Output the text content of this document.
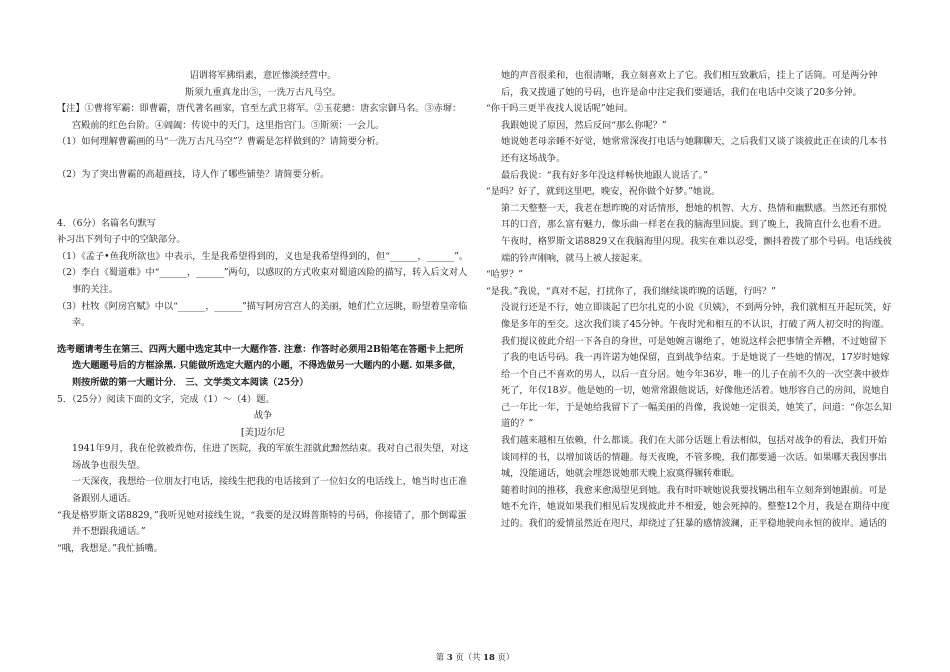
诏谓将军拂绢素，意匠惨淡经营中。

斯须九重真龙出⑤，一洗万古凡马空。

【注】①曹将军霸：即曹霸，唐代著名画家，官至左武卫将军。②玉花骢：唐玄宗御马名。③赤墀：宫殿前的红色台阶。④阊阖：传说中的天门，这里指宫门。⑤斯须：一会儿。

（1）如何理解曹霸画的马“一洗万古凡马空”？曹霸是怎样做到的？请简要分析。

（2）为了突出曹霸的高超画技，诗人作了哪些铺垫？请简要分析。

4．（6分）名篇名句默写

补习出下列句子中的空缺部分。

（1）《孟子•鱼我所欲也》中表示，生是我希望得到的，义也是我希望得到的，但“______，______”。

（2）李白《蜀道难》中“______，______”两句，以感叹的方式收束对蜀道凶险的描写，转入后文对人事的关注。

（3）杜牧《阿房宫赋》中以“______，______”描写阿房宫宫人的美丽，她们伫立远眺，盼望着皇帝临幸。

选考题请考生在第三、四两大题中选定其中一大题作答. 注意：作答时必须用2B铅笔在答题卡上把所选大题题号后的方框涂黑. 只能做所选定大题内的小题，不得选做另一大题内的小题. 如果多做，则按所做的第一大题计分． 三、文学类文本阅读（25分）

5．（25分）阅读下面的文字，完成（1）～（4）题。

战争

[美]迈尔尼

1941年9月，我在伦敦被炸伤，住进了医院，我的军旅生涯就此黯然结束。我对自己很失望，对这场战争也很失望。

一天深夜，我想给一位朋友打电话，接线生把我的电话接到了一位妇女的电话线上，她当时也正准备跟别人通话。

“我是格罗斯文诺8829，”我听见她对接线生说，“我要的是汉姆普斯特的号码，你接错了，那个倒霉蛋并不想跟我通话。”

“哦，我想是。”我忙插嘴。

她的声音很柔和，也很清晰，我立刻喜欢上了它。我们相互致歉后，挂上了话筒。可是两分钟后，我又拨通了她的号码，也许是命中注定我们要通话，我们在电话中交谈了20多分钟。

“你干吗三更半夜找人说话呢”她问。

我跟她说了原因，然后反问“那么你呢？”

她说她老母亲睡不好觉，她常常深夜打电话与她聊聊天，之后我们又谈了谈彼此正在读的几本书还有这场战争。

最后我说：“我有好多年没这样畅快地跟人说话了。”

“是吗？好了，就到这里吧，晚安，祝你做个好梦。”她说。

第二天整整一天，我老在想昨晚的对话情形，想她的机智、大方、热情和幽默感。当然还有那悦耳的口音，那么富有魅力，像乐曲一样老在我的脑海里回旋。到了晚上，我简直什么也看不进。午夜时，格罗斯文诺8829又在我脑海里闪现。我实在难以忍受，颤抖着拨了那个号码。电话线彼端的铃声刚响，就马上被人接起来。

“哈罗？”

“是我。”我说，“真对不起，打扰你了，我们继续谈昨晚的话题，行吗？”

没说行还是不行，她立即谈起了巴尔扎克的小说《贝姨》，不到两分钟，我们就相互开起玩笑，好像是多年的至交。这次我们谈了45分钟。午夜时光和相互的不认识，打破了两人初交时的拘谨。我们提议彼此介绍一下各自的身世，可是她婉言谢绝了，她说这样会把事情全弄糟，不过她留下了我的电话号码。我一再许诺为她保留，直到战争结束。于是她说了一些她的情况，17岁时她嫁给一个自己不喜欢的男人，以后一直分居。她今年36岁，唯一的儿子在前不久的一次空袭中被炸死了，年仅18岁。他是她的一切，她常常跟他说话，好像他还活着。她形容自己的房间，说她自己一年比一年，于是她给我留下了一幅美丽的肖像，我说她一定很美，她笑了，问道：“你怎么知道的？”

我们越来越相互依赖，什么都谈。我们在大部分话题上看法相似，包括对战争的看法，我们开始谈同样的书，以增加谈话的情趣。每天夜晚，不管多晚，我们都要通一次话。如果哪天我因事出城，没能通话，她就会埋怨说她那天晚上寂寞得辗转难眠。

随着时间的推移，我愈来愈渴望见到她。我有时吓唬她说我要找辆出租车立刻奔到她跟前。可是她不允许，她说如果我们相见后发现彼此并不相爱，她会死掉的。整整12个月，我是在期待中度过的。我们的爱情虽然近在咫尺，却绕过了狂暴的感情波澜，正平稳地驶向永恒的彼岸。通话的

第 3 页（共 18 页）
